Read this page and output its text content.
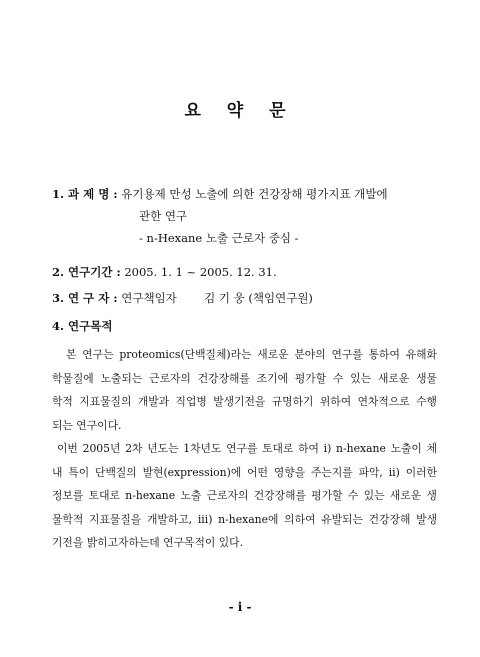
요 약 문
1. 과 제 명 : 유기용제 만성 노출에 의한 건강장해 평가지표 개발에
관한 연구
- n-Hexane 노출 근로자 중심 -
2. 연구기간 : 2005. 1. 1 ~ 2005. 12. 31.
3. 연 구 자 : 연구책임자 김 기 웅 (책임연구원)
4. 연구목적
본 연구는 proteomics(단백질체)라는 새로운 분야의 연구를 통하여 유해화
학물질에 노출되는 근로자의 건강장해를 조기에 평가할 수 있는 새로운 생물
학적 지표물질의 개발과 직업병 발생기전을 규명하기 위하여 연차적으로 수행
되는 연구이다.
이번 2005년 2차 년도는 1차년도 연구를 토대로 하여 i) n-hexane 노출이 체
내 특이 단백질의 발현(expression)에 어떤 영향을 주는지를 파악, ii) 이러한
정보를 토대로 n-hexane 노출 근로자의 건강장해를 평가할 수 있는 새로운 생
물학적 지표물질을 개발하고, iii) n-hexane에 의하여 유발되는 건강장해 발생
기전을 밝히고자하는데 연구목적이 있다.
- i -
